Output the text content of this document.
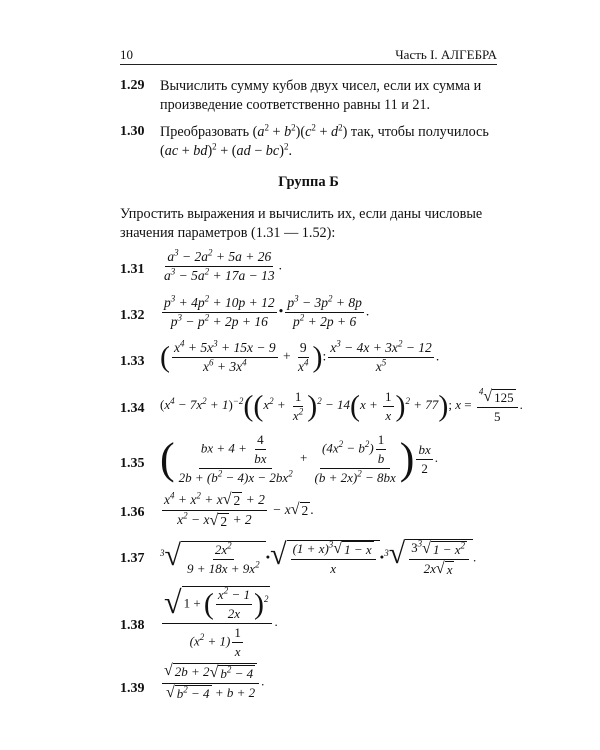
10	Часть I. АЛГЕБРА
1.29 Вычислить сумму кубов двух чисел, если их сумма и
произведение соответственно равны 11 и 21.
1.30 Преобразовать $(a^2 + b^2)(c^2 + d^2)$ так, чтобы получилось
(ac + bd)$^2$ + (ad − bc)$^2$.
Группа Б
Упростить выражения и вычислить их, если даны числовые
значения параметров (1.31 — 1.52):
$1.31 \frac{a^3 - 2a^2 + 5a + 26}{a^3 - 5a^2 + 17a - 13}$ .
$1.32 \frac{p^3 + 4p^2 + 10p + 12}{p^3 - p^2 + 2p + 16}$ • $\frac{p^3 - 3p^2 + 8p}{p^2 + 2p + 6}$ .
1.33 ( $\frac{x^4 + 5x^3 + 15x - 9}{x^6 + 3x^4} + \frac{9}{x^4}$ ): $\frac{x^3 - 4x + 3x^2 - 12}{x^5}$ .
1.34 $(x^4 - 7x^2 + 1)^{-2}((x^2 + \frac{1}{x^2} )^2 - 14(x + \frac{1}{x} )^2 + 77)$; $x = \frac{^4 √ 125}{5}$ .
1.35 ( $\frac{bx + 4 + \frac{4}{bx}}{2b + (b^2 - 4)x - 2bx^2} + \frac{(4x^2 - b^2) \frac{1}{b}}{(b + 2x)^2 - 8bx}$ ) $\frac{bx}{2}$ .
$1.36 \frac{x^4 + x^2 + x √ 2 + 2}{x^2 - x √ 2 + 2} - x$ √ 2 .
1.37 $^3$ √ $\frac{2x^2}{9 + 18x + 9x^2}$ • √ $\frac{(1 + x)^3 √ 1 - x}{x}$ •$^3$ √ $\frac{3^3 √ 1 - x^2}{2x √ x}$ .
$1.38 \frac{√ 1 + ( \frac{x^2 - 1}{2x} )^2}{(x^2 + 1) \frac{1}{x}}$ .
$1.39 \frac{√ 2b + 2 √ b^2 - 4}{√ b^2 - 4 + b + 2}$ .
